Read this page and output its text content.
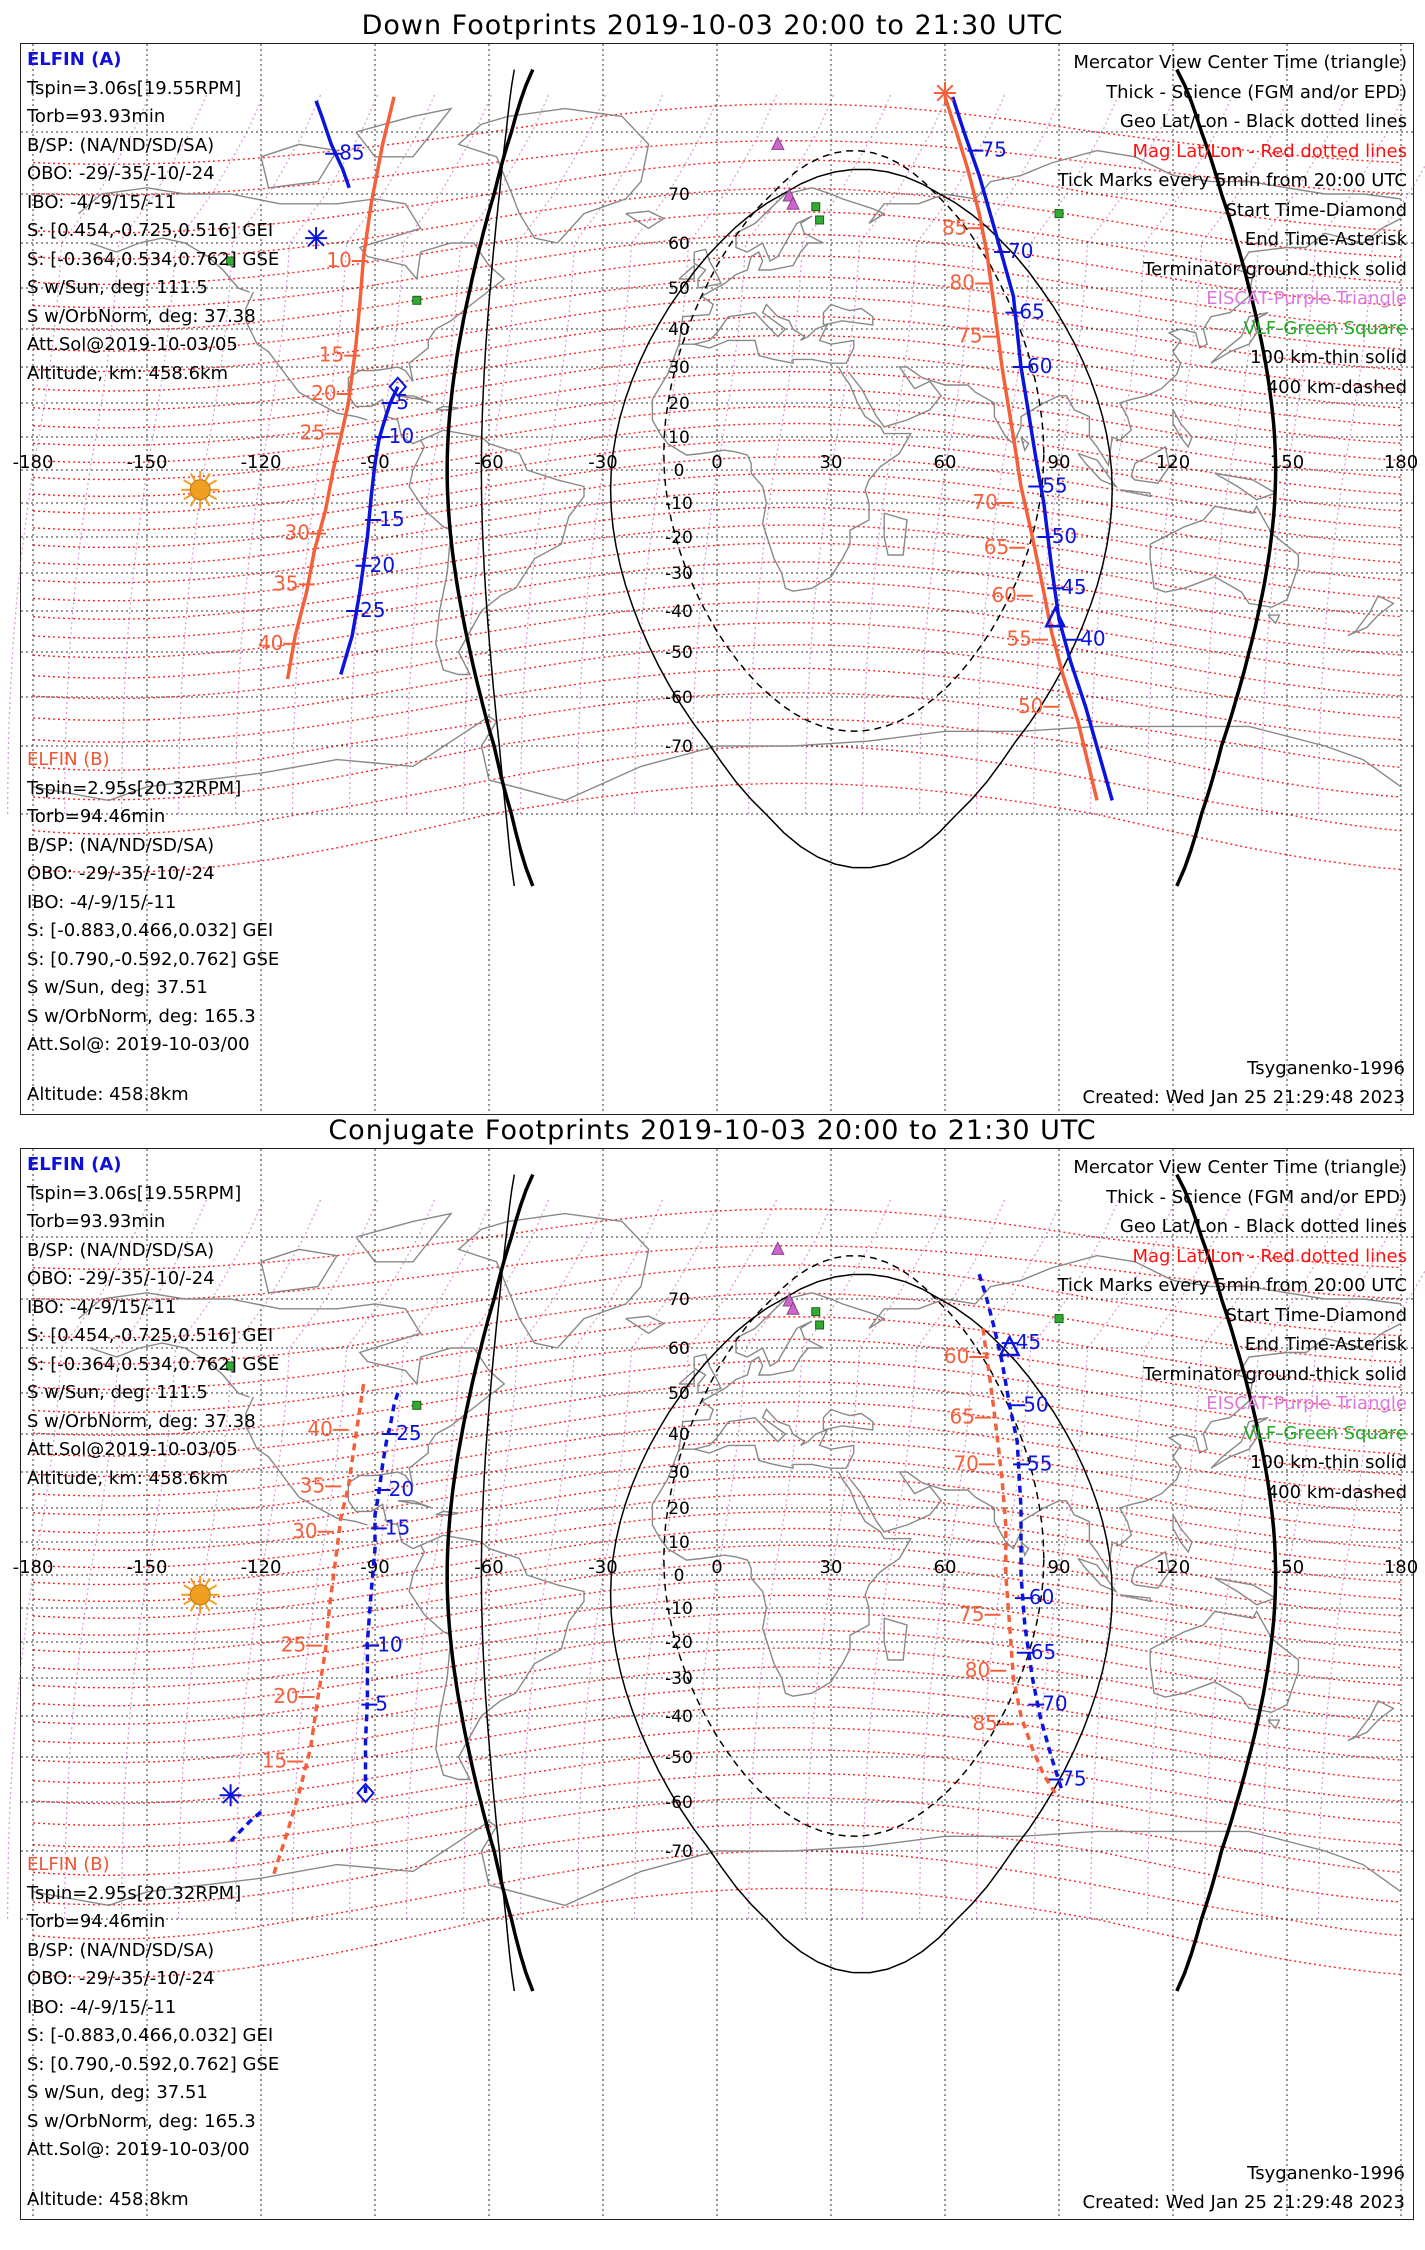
Down Footprints 2019-10-03 20:00 to 21:30 UTC
-180	-150	-120	-90	-60	-30	0	30	60	90	120	150	180
70
60
50
40
30
20
10
0
-10
-20
-30
-40
-50
-60
-70
85
5
10
15
20
25
75
70
65
60
55
50
45
40
10
15
20
25
30
35
40
85
80
75
70
65
60
55
50
ELFIN (A)
Tspin=3.06s[19.55RPM]
Torb=93.93min
B/SP: (NA/ND/SD/SA)
OBO: -29/-35/-10/-24
IBO: -4/-9/15/-11
S: [0.454,-0.725,0.516] GEI
S: [-0.364,0.534,0.762] GSE
S w/Sun, deg: 111.5
S w/OrbNorm, deg: 37.38
Att.Sol@2019-10-03/05
Altitude, km: 458.6km
ELFIN (B)
Tspin=2.95s[20.32RPM]
Torb=94.46min
B/SP: (NA/ND/SD/SA)
OBO: -29/-35/-10/-24
IBO: -4/-9/15/-11
S: [-0.883,0.466,0.032] GEI
S: [0.790,-0.592,0.762] GSE
S w/Sun, deg: 37.51
S w/OrbNorm, deg: 165.3
Att.Sol@: 2019-10-03/00
Altitude: 458.8km
Mercator View Center Time (triangle)
Thick - Science (FGM and/or EPD)
Geo Lat/Lon - Black dotted lines
Mag Lat/Lon - Red dotted lines
Tick Marks every 5min from 20:00 UTC
Start Time-Diamond
End Time-Asterisk
Terminator ground-thick solid
EISCAT-Purple Triangle
VLF-Green Square
100 km-thin solid
400 km-dashed
Tsyganenko-1996
Created: Wed Jan 25 21:29:48 2023
Conjugate Footprints 2019-10-03 20:00 to 21:30 UTC
-180	-150	-120	-90	-60	-30	0	30	60	90	120	150	180
70
60
50
40
30
20
10
0
-10
-20
-30
-40
-50
-60
-70
25
20
15
10
5
45
50
55
60
65
70
75
40
35
30
25
20
15
60
65
70
75
80
85
ELFIN (A)
Tspin=3.06s[19.55RPM]
Torb=93.93min
B/SP: (NA/ND/SD/SA)
OBO: -29/-35/-10/-24
IBO: -4/-9/15/-11
S: [0.454,-0.725,0.516] GEI
S: [-0.364,0.534,0.762] GSE
S w/Sun, deg: 111.5
S w/OrbNorm, deg: 37.38
Att.Sol@2019-10-03/05
Altitude, km: 458.6km
ELFIN (B)
Tspin=2.95s[20.32RPM]
Torb=94.46min
B/SP: (NA/ND/SD/SA)
OBO: -29/-35/-10/-24
IBO: -4/-9/15/-11
S: [-0.883,0.466,0.032] GEI
S: [0.790,-0.592,0.762] GSE
S w/Sun, deg: 37.51
S w/OrbNorm, deg: 165.3
Att.Sol@: 2019-10-03/00
Altitude: 458.8km
Mercator View Center Time (triangle)
Thick - Science (FGM and/or EPD)
Geo Lat/Lon - Black dotted lines
Mag Lat/Lon - Red dotted lines
Tick Marks every 5min from 20:00 UTC
Start Time-Diamond
End Time-Asterisk
Terminator ground-thick solid
EISCAT-Purple Triangle
VLF-Green Square
100 km-thin solid
400 km-dashed
Tsyganenko-1996
Created: Wed Jan 25 21:29:48 2023
